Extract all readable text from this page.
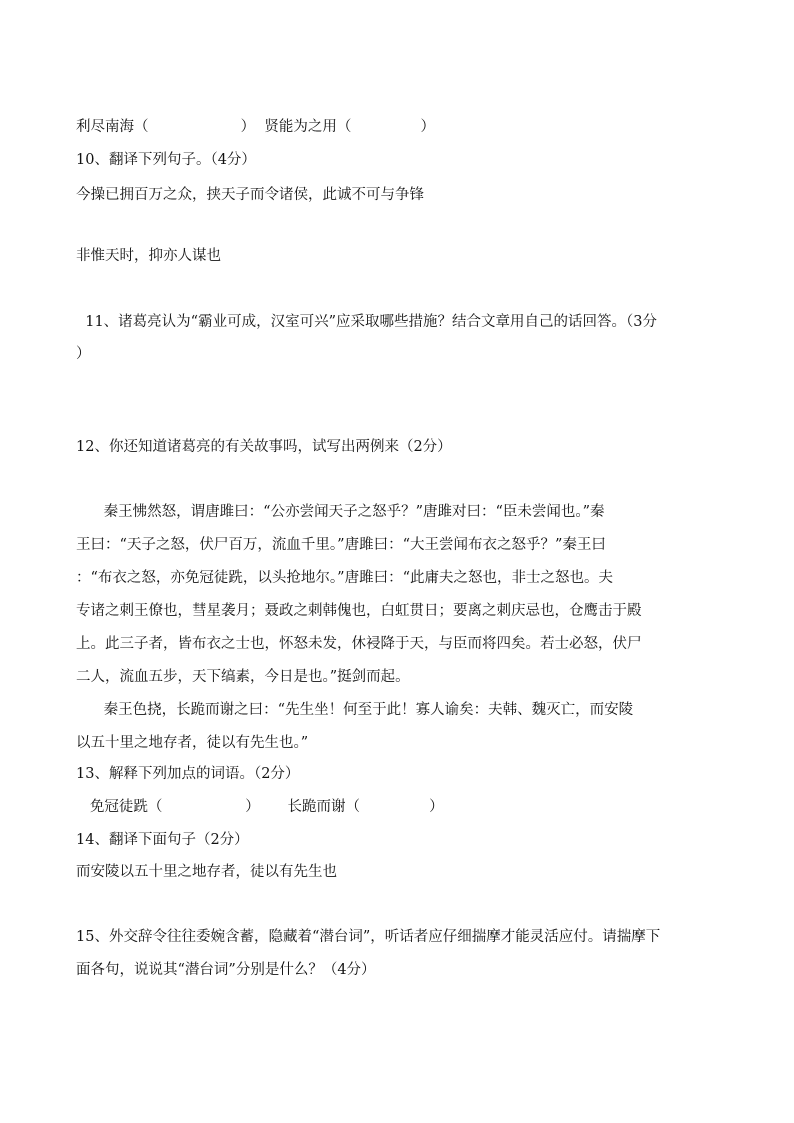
利尽南海（                    ）  贤能为之用（               ）
10、翻译下列句子。（4分）
今操已拥百万之众，挟天子而令诸侯，此诚不可与争锋
非惟天时，抑亦人谋也
11、诸葛亮认为“霸业可成，汉室可兴”应采取哪些措施？结合文章用自己的话回答。（3分
）
12、你还知道诸葛亮的有关故事吗，试写出两例来（2分）
秦王怫然怒，谓唐雎曰：“公亦尝闻天子之怒乎？”唐雎对曰：“臣未尝闻也。”秦
王曰：“天子之怒，伏尸百万，流血千里。”唐雎曰：“大王尝闻布衣之怒乎？”秦王曰
：“布衣之怒，亦免冠徒跣，以头抢地尔。”唐雎曰：“此庸夫之怒也，非士之怒也。夫
专诸之刺王僚也，彗星袭月；聂政之刺韩傀也，白虹贯日；要离之刺庆忌也，仓鹰击于殿
上。此三子者，皆布衣之士也，怀怒未发，休祲降于天，与臣而将四矣。若士必怒，伏尸
二人，流血五步，天下缟素，今日是也。”挺剑而起。
秦王色挠，长跪而谢之曰：“先生坐！何至于此！寡人谕矣：夫韩、魏灭亡，而安陵
以五十里之地存者，徒以有先生也。”
13、解释下列加点的词语。（2分）
免冠徒跣（                  ）      长跪而谢（               ）
14、翻译下面句子（2分）
而安陵以五十里之地存者，徒以有先生也
15、外交辞令往往委婉含蓄，隐藏着“潜台词”，听话者应仔细揣摩才能灵活应付。请揣摩下
面各句，说说其“潜台词”分别是什么？（4分）
